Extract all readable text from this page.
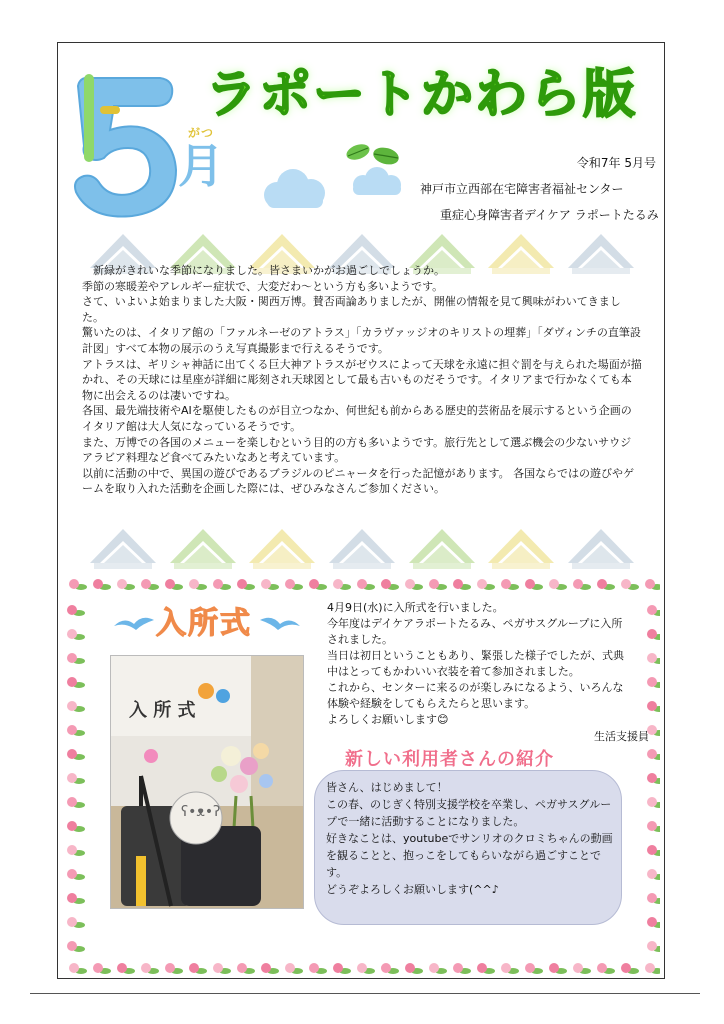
がつ
月
ラポートかわら版
令和7年 5月号
神戸市立西部在宅障害者福祉センター
重症心身障害者デイケア ラポートたるみ

　新緑がきれいな季節になりました。皆さまいかがお過ごしでしょうか。

季節の寒暖差やアレルギー症状で、大変だわ～という方も多いようです。

さて、いよいよ始まりました大阪・関西万博。賛否両論ありましたが、開催の情報を見て興味がわいてきました。

驚いたのは、イタリア館の「ファルネーゼのアトラス」「カラヴァッジオのキリストの埋葬」「ダヴィンチの直筆設計図」すべて本物の展示のうえ写真撮影まで行えるそうです。

アトラスは、ギリシャ神話に出てくる巨大神アトラスがゼウスによって天球を永遠に担ぐ罰を与えられた場面が描かれ、その天球には星座が詳細に彫刻され天球図として最も古いものだそうです。イタリアまで行かなくても本物に出会えるのは凄いですね。

各国、最先端技術やAIを駆使したものが目立つなか、何世紀も前からある歴史的芸術品を展示するという企画のイタリア館は大人気になっているそうです。

また、万博での各国のメニューを楽しむという目的の方も多いようです。旅行先として選ぶ機会の少ないサウジアラビア料理など食べてみたいなあと考えています。

以前に活動の中で、異国の遊びであるブラジルのピニャータを行った記憶があります。 各国ならではの遊びやゲームを取り入れた活動を企画した際には、ぜひみなさんご参加ください。

入所式
入 所 式
ʕ•ᴥ•ʔ

4月9日(水)に入所式を行いました。

今年度はデイケアラポートたるみ、ペガサスグループに入所されました。

当日は初日ということもあり、緊張した様子でしたが、式典中はとってもかわいい衣装を着て参加されました。

これから、センターに来るのが楽しみになるよう、いろんな体験や経験をしてもらえたらと思います。

よろしくお願いします😊

生活支援員
新しい利用者さんの紹介

皆さん、はじめまして！

この春、のじぎく特別支援学校を卒業し、ペガサスグループで一緒に活動することになりました。

好きなことは、youtubeでサンリオのクロミちゃんの動画を観ることと、抱っこをしてもらいながら過ごすことです。

どうぞよろしくお願いします(^^♪
